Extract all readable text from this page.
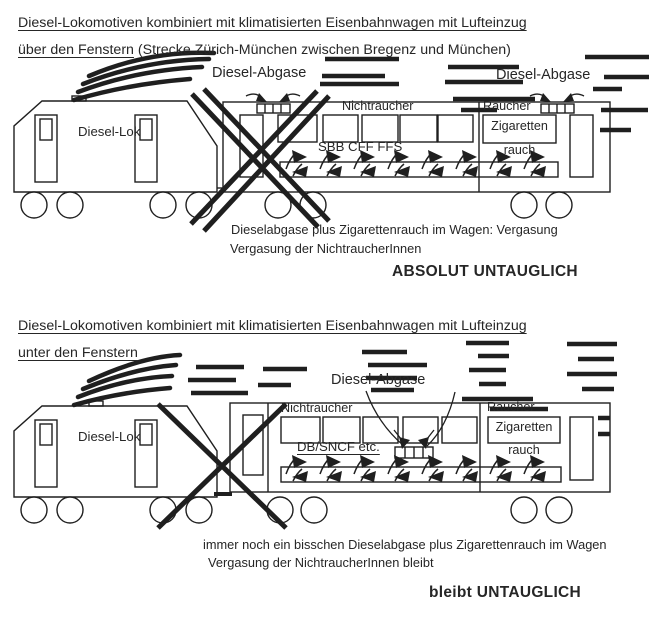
Diesel-Lokomotiven kombiniert mit klimatisierten Eisenbahnwagen mit Lufteinzug
über den Fenstern (Strecke Zürich-München zwischen Bregenz und München)
Diesel-Abgase	Diesel-Abgase
Diesel-Lok
Nichtraucher	Raucher
Zigaretten
rauch
SBB CFF FFS
Dieselabgase plus Zigarettenrauch im Wagen: Vergasung
Vergasung der NichtraucherInnen
ABSOLUT UNTAUGLICH
Diesel-Lokomotiven kombiniert mit klimatisierten Eisenbahnwagen mit Lufteinzug
unter den Fenstern
Diesel-Abgase
Diesel-Lok
Nichtraucher	Raucher
Zigaretten
rauch
DB/SNCF etc.
immer noch ein bisschen Dieselabgase plus Zigarettenrauch im Wagen
Vergasung der NichtraucherInnen bleibt
bleibt UNTAUGLICH
